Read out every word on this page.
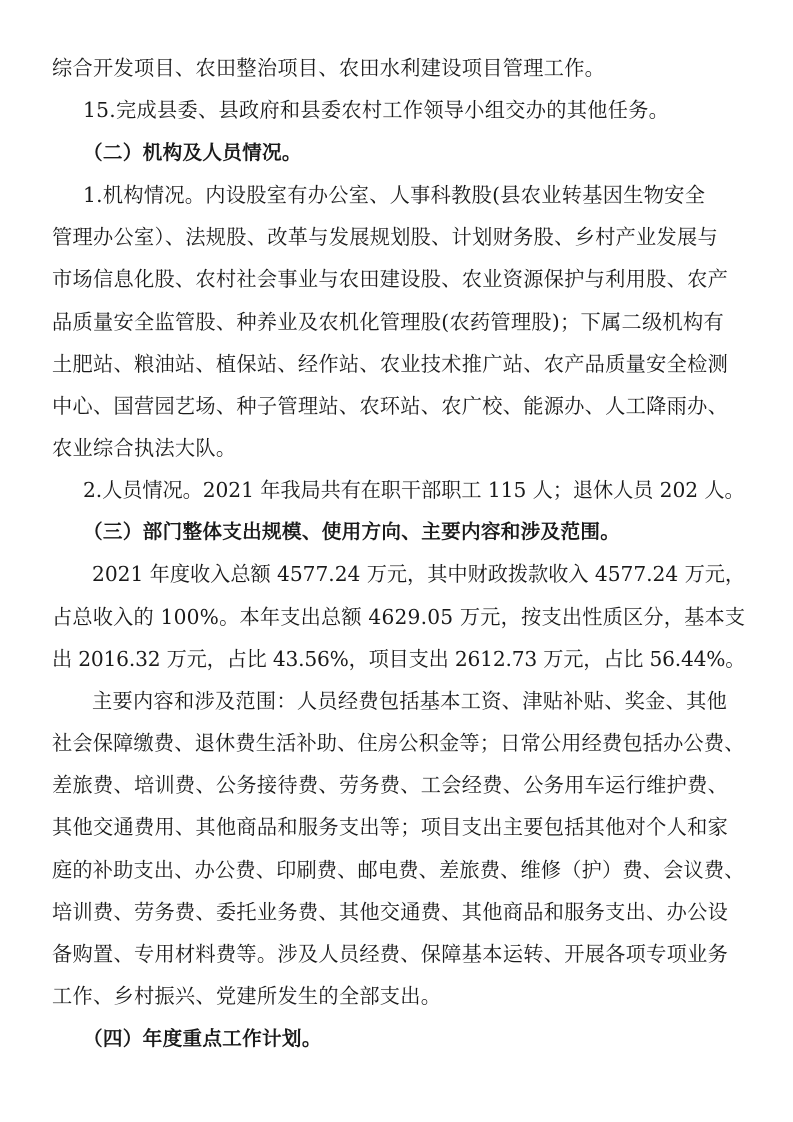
综合开发项目、农田整治项目、农田水利建设项目管理工作。
15.完成县委、县政府和县委农村工作领导小组交办的其他任务。
（二）机构及人员情况。
1.机构情况。内设股室有办公室、人事科教股(县农业转基因生物安全
管理办公室）、法规股、改革与发展规划股、计划财务股、乡村产业发展与
市场信息化股、农村社会事业与农田建设股、农业资源保护与利用股、农产
品质量安全监管股、种养业及农机化管理股(农药管理股)；下属二级机构有
土肥站、粮油站、植保站、经作站、农业技术推广站、农产品质量安全检测
中心、国营园艺场、种子管理站、农环站、农广校、能源办、人工降雨办、
农业综合执法大队。
2.人员情况。2021 年我局共有在职干部职工 115 人；退休人员 202 人。
（三）部门整体支出规模、使用方向、主要内容和涉及范围。
2021 年度收入总额 4577.24 万元，其中财政拨款收入 4577.24 万元，
占总收入的 100%。本年支出总额 4629.05 万元，按支出性质区分，基本支
出 2016.32 万元，占比 43.56%，项目支出 2612.73 万元，占比 56.44%。
主要内容和涉及范围：人员经费包括基本工资、津贴补贴、奖金、其他
社会保障缴费、退休费生活补助、住房公积金等；日常公用经费包括办公费、
差旅费、培训费、公务接待费、劳务费、工会经费、公务用车运行维护费、
其他交通费用、其他商品和服务支出等；项目支出主要包括其他对个人和家
庭的补助支出、办公费、印刷费、邮电费、差旅费、维修（护）费、会议费、
培训费、劳务费、委托业务费、其他交通费、其他商品和服务支出、办公设
备购置、专用材料费等。涉及人员经费、保障基本运转、开展各项专项业务
工作、乡村振兴、党建所发生的全部支出。
（四）年度重点工作计划。
